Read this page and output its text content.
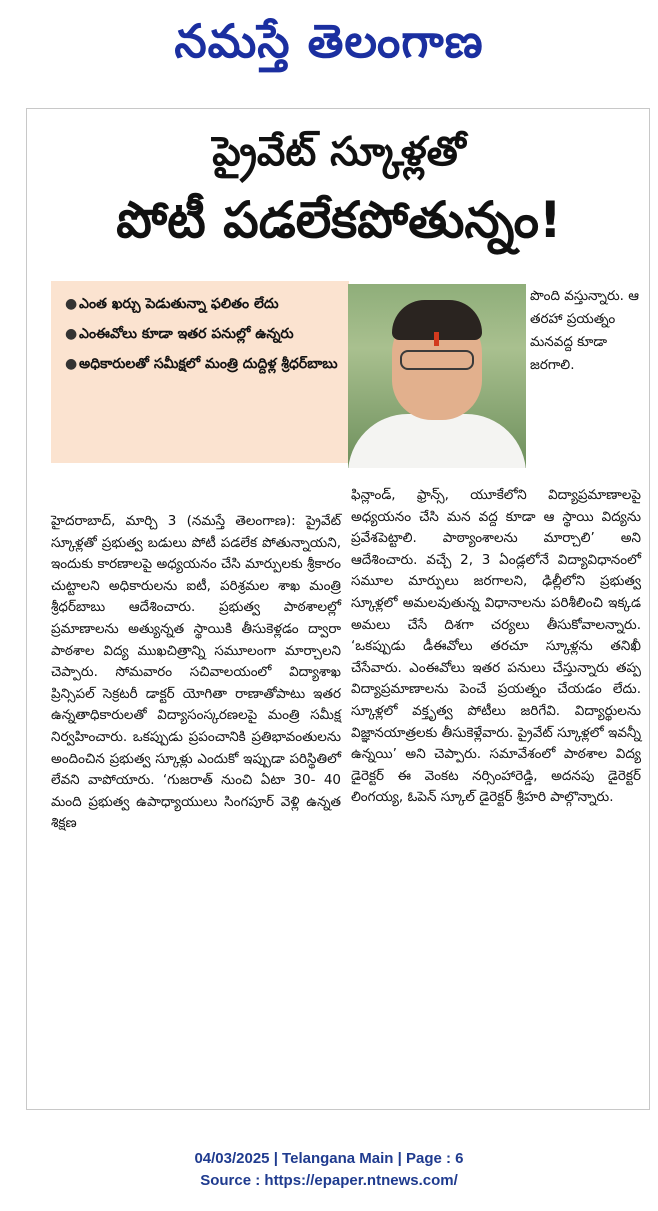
నమస్తే తెలంగాణ
ప్రైవేట్ స్కూళ్లతో
పోటీ పడలేకపోతున్నం!
● ఎంత ఖర్చు పెడుతున్నా ఫలితం లేదు
● ఎంఈవోలు కూడా ఇతర పనుల్లో ఉన్నరు
● అధికారులతో సమీక్షలో మంత్రి దుద్దిళ్ల శ్రీధర్‌బాబు
పొంది వస్తున్నారు. ఆ తరహా ప్రయత్నం మనవద్ద కూడా జరగాలి.

హైదరాబాద్, మార్చి 3 (నమస్తే తెలంగాణ): ప్రైవేట్ స్కూళ్లతో ప్రభుత్వ బడులు పోటీ పడలేక పోతున్నాయని, ఇందుకు కారణాలపై అధ్యయనం చేసి మార్పులకు శ్రీకారం చుట్టాలని అధికారులను ఐటీ, పరిశ్రమల శాఖ మంత్రి శ్రీధర్‌బాబు ఆదేశించారు. ప్రభుత్వ పాఠశాలల్లో ప్రమాణాలను అత్యున్నత స్థాయికి తీసుకెళ్లడం ద్వారా పాఠశాల విద్య ముఖచిత్రాన్ని సమూలంగా మార్చాలని చెప్పారు. సోమవారం సచివాలయంలో విద్యాశాఖ ప్రిన్సిపల్ సెక్రటరీ డాక్టర్ యోగితా రాణాతోపాటు ఇతర ఉన్నతాధికారులతో విద్యాసంస్కరణలపై మంత్రి సమీక్ష నిర్వహించారు. ఒకప్పుడు ప్రపంచానికి ప్రతిభావంతులను అందించిన ప్రభుత్వ స్కూళ్లు ఎందుకో ఇప్పుడా పరిస్థితిలో లేవని వాపోయారు. ‘గుజరాత్ నుంచి ఏటా 30- 40 మంది ప్రభుత్వ ఉపాధ్యాయులు సింగపూర్ వెళ్లి ఉన్నత శిక్షణ

ఫిన్లాండ్, ఫ్రాన్స్, యూకేలోని విద్యాప్రమాణాలపై అధ్యయనం చేసి మన వద్ద కూడా ఆ స్థాయి విద్యను ప్రవేశపెట్టాలి. పాఠ్యాంశాలను మార్చాలి’ అని ఆదేశించారు. వచ్చే 2, 3 ఏండ్లలోనే విద్యావిధానంలో సమూల మార్పులు జరగాలని, ఢిల్లీలోని ప్రభుత్వ స్కూళ్లలో అమలవుతున్న విధానాలను పరిశీలించి ఇక్కడ అమలు చేసే దిశగా చర్యలు తీసుకోవాలన్నారు. ‘ఒకప్పుడు డీఈవోలు తరచూ స్కూళ్లను తనిఖీ చేసేవారు. ఎంఈవోలు ఇతర పనులు చేస్తున్నారు తప్ప విద్యాప్రమాణాలను పెంచే ప్రయత్నం చేయడం లేదు. స్కూళ్లలో వక్తృత్వ పోటీలు జరిగేవి. విద్యార్థులను విజ్ఞానయాత్రలకు తీసుకెళ్లేవారు. ప్రైవేట్ స్కూళ్లలో ఇవన్నీ ఉన్నయి’ అని చెప్పారు. సమావేశంలో పాఠశాల విద్య డైరెక్టర్ ఈ వెంకట నర్సింహారెడ్డి, అదనపు డైరెక్టర్ లింగయ్య, ఓపెన్ స్కూల్ డైరెక్టర్ శ్రీహరి పాల్గొన్నారు.

04/03/2025 | Telangana Main | Page : 6
Source : https://epaper.ntnews.com/
